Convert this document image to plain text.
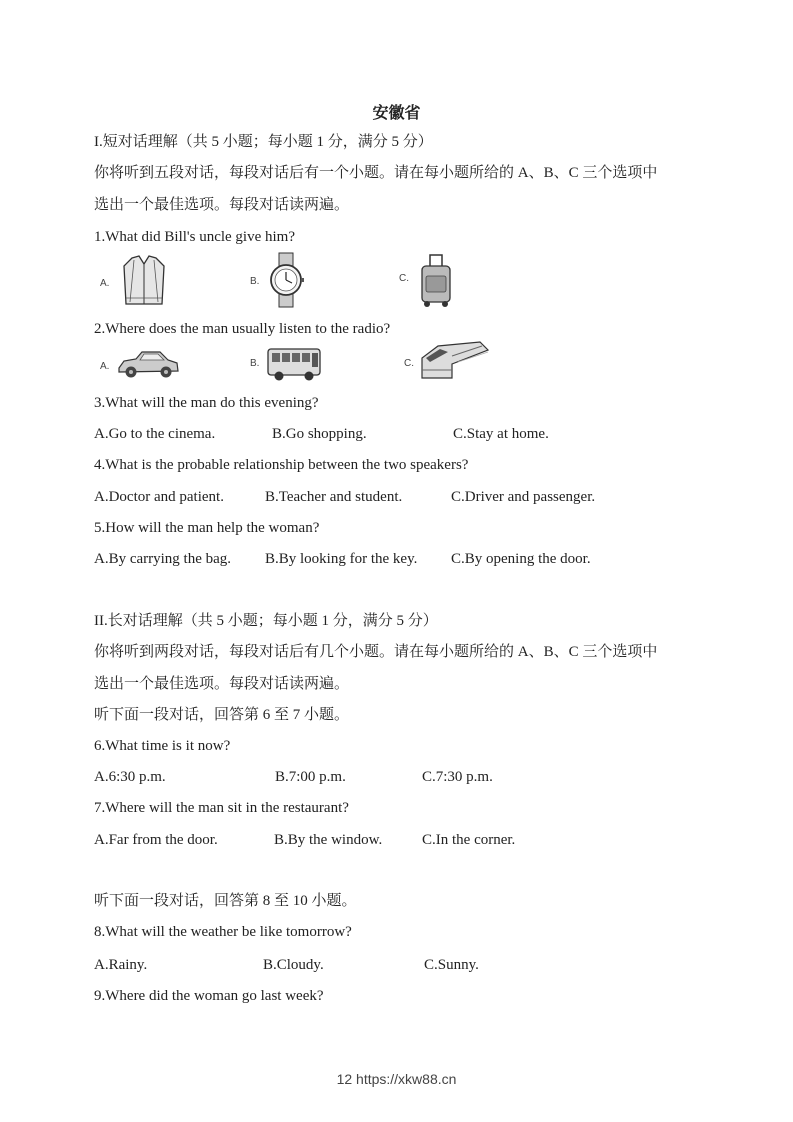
安徽省
I.短对话理解（共 5 小题；每小题 1 分，满分 5 分）
你将听到五段对话，每段对话后有一个小题。请在每小题所给的 A、B、C 三个选项中
选出一个最佳选项。每段对话读两遍。
1.What did Bill's uncle give him?
A.	B.	C.
2.Where does the man usually listen to the radio?
A.	B.	C.
3.What will the man do this evening?
A.Go to the cinema.	B.Go shopping.	C.Stay at home.
4.What is the probable relationship between the two speakers?
A.Doctor and patient.	B.Teacher and student.	C.Driver and passenger.
5.How will the man help the woman?
A.By carrying the bag. B.By looking for the key. C.By opening the door.
II.长对话理解（共 5 小题；每小题 1 分，满分 5 分）
你将听到两段对话，每段对话后有几个小题。请在每小题所给的 A、B、C 三个选项中
选出一个最佳选项。每段对话读两遍。
听下面一段对话，回答第 6 至 7 小题。
6.What time is it now?
A.6:30 p.m.	B.7:00 p.m.	C.7:30 p.m.
7.Where will the man sit in the restaurant?
A.Far from the door.	B.By the window.	C.In the corner.
听下面一段对话，回答第 8 至 10 小题。
8.What will the weather be like tomorrow?
A.Rainy.	B.Cloudy.	C.Sunny.
9.Where did the woman go last week?
12 https://xkw88.cn
